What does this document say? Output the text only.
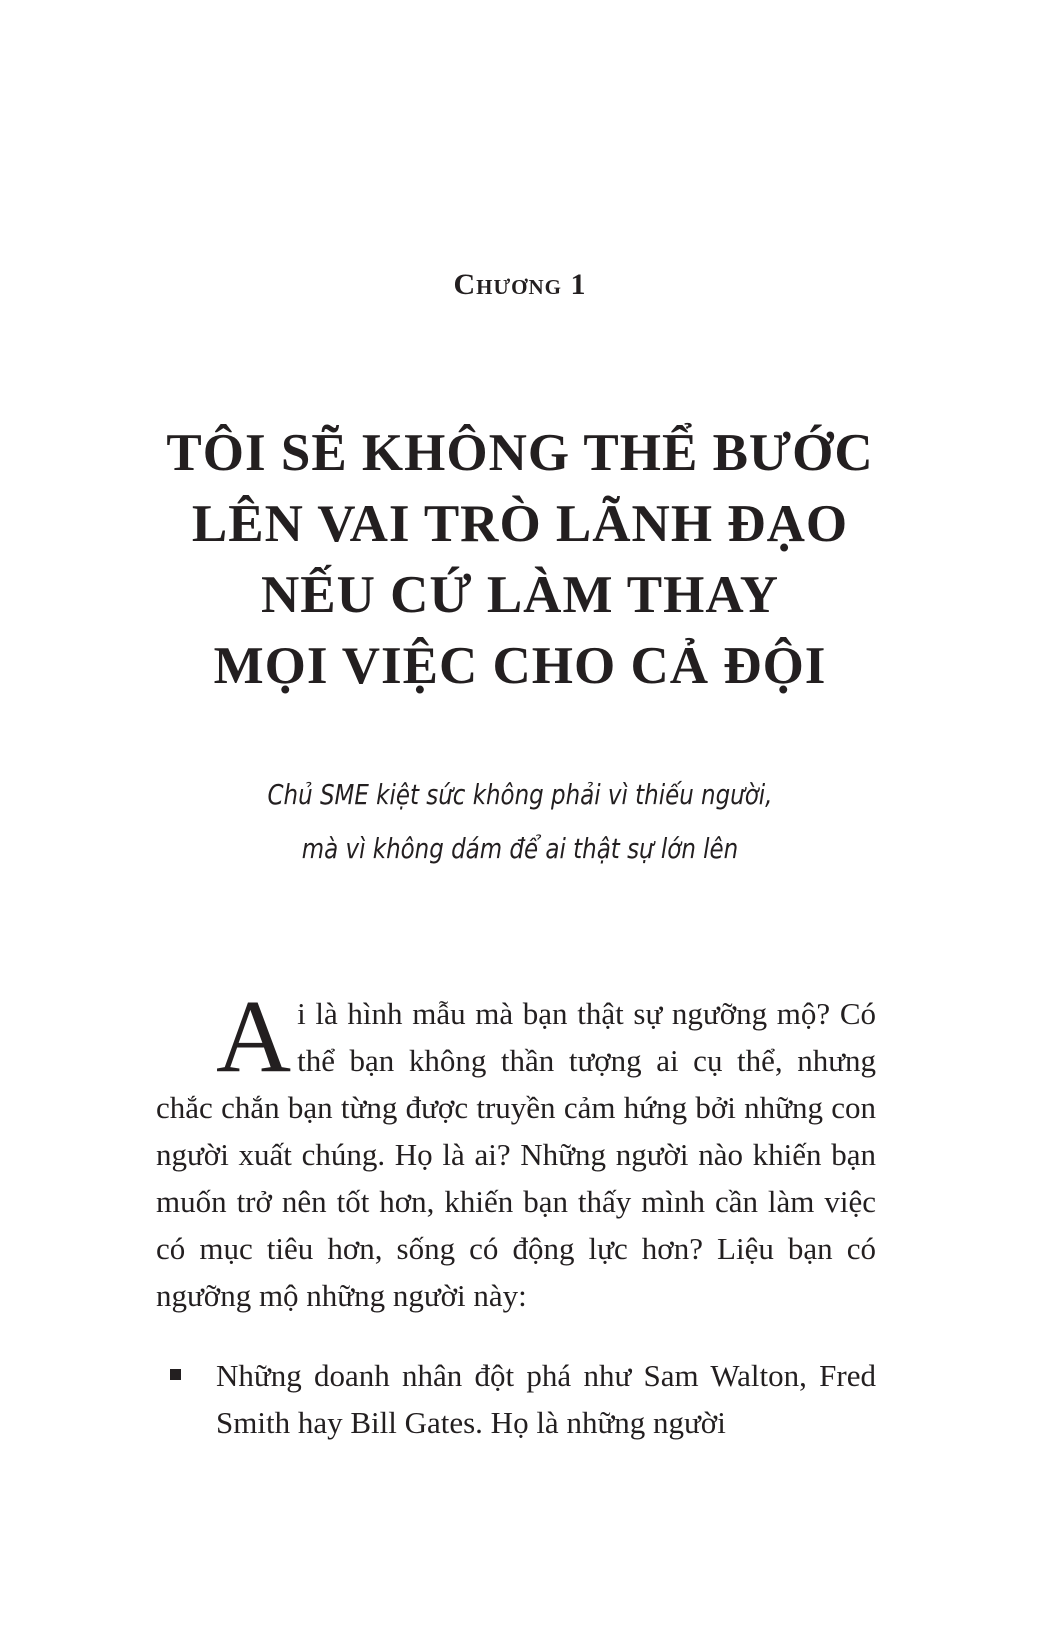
Chương 1
TÔI SẼ KHÔNG THỂ BƯỚC
LÊN VAI TRÒ LÃNH ĐẠO
NẾU CỨ LÀM THAY
MỌI VIỆC CHO CẢ ĐỘI
Chủ SME kiệt sức không phải vì thiếu người,
mà vì không dám để ai thật sự lớn lên

Ai là hình mẫu mà bạn thật sự ngưỡng mộ? Có thể bạn không thần tượng ai cụ thể, nhưng chắc chắn bạn từng được truyền cảm hứng bởi những con người xuất chúng. Họ là ai? Những người nào khiến bạn muốn trở nên tốt hơn, khiến bạn thấy mình cần làm việc có mục tiêu hơn, sống có động lực hơn? Liệu bạn có ngưỡng mộ những người này:

Những doanh nhân đột phá như Sam Walton, Fred Smith hay Bill Gates. Họ là những người
